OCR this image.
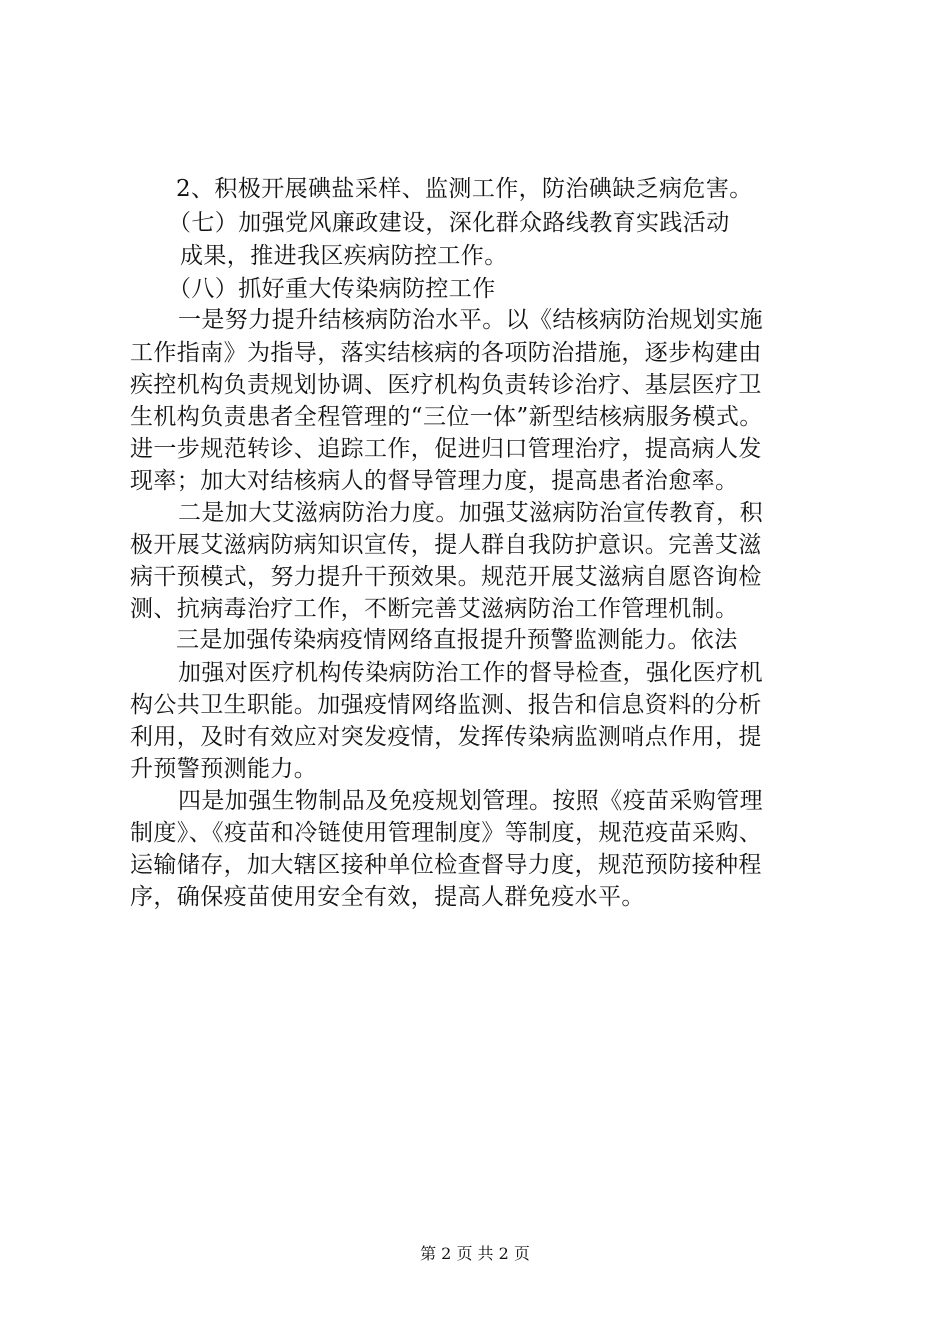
2、积极开展碘盐采样、监测工作，防治碘缺乏病危害。
（七）加强党风廉政建设，深化群众路线教育实践活动
成果，推进我区疾病防控工作。
（八）抓好重大传染病防控工作
一是努力提升结核病防治水平。以《结核病防治规划实施
工作指南》为指导，落实结核病的各项防治措施，逐步构建由
疾控机构负责规划协调、医疗机构负责转诊治疗、基层医疗卫
生机构负责患者全程管理的“三位一体”新型结核病服务模式。
进一步规范转诊、追踪工作，促进归口管理治疗，提高病人发
现率；加大对结核病人的督导管理力度，提高患者治愈率。
二是加大艾滋病防治力度。加强艾滋病防治宣传教育，积
极开展艾滋病防病知识宣传，提人群自我防护意识。完善艾滋
病干预模式，努力提升干预效果。规范开展艾滋病自愿咨询检
测、抗病毒治疗工作，不断完善艾滋病防治工作管理机制。
三是加强传染病疫情网络直报提升预警监测能力。依法
加强对医疗机构传染病防治工作的督导检查，强化医疗机
构公共卫生职能。加强疫情网络监测、报告和信息资料的分析
利用，及时有效应对突发疫情，发挥传染病监测哨点作用，提
升预警预测能力。
四是加强生物制品及免疫规划管理。按照《疫苗采购管理
制度》、《疫苗和冷链使用管理制度》等制度，规范疫苗采购、
运输储存，加大辖区接种单位检查督导力度，规范预防接种程
序，确保疫苗使用安全有效，提高人群免疫水平。
第 2 页 共 2 页
